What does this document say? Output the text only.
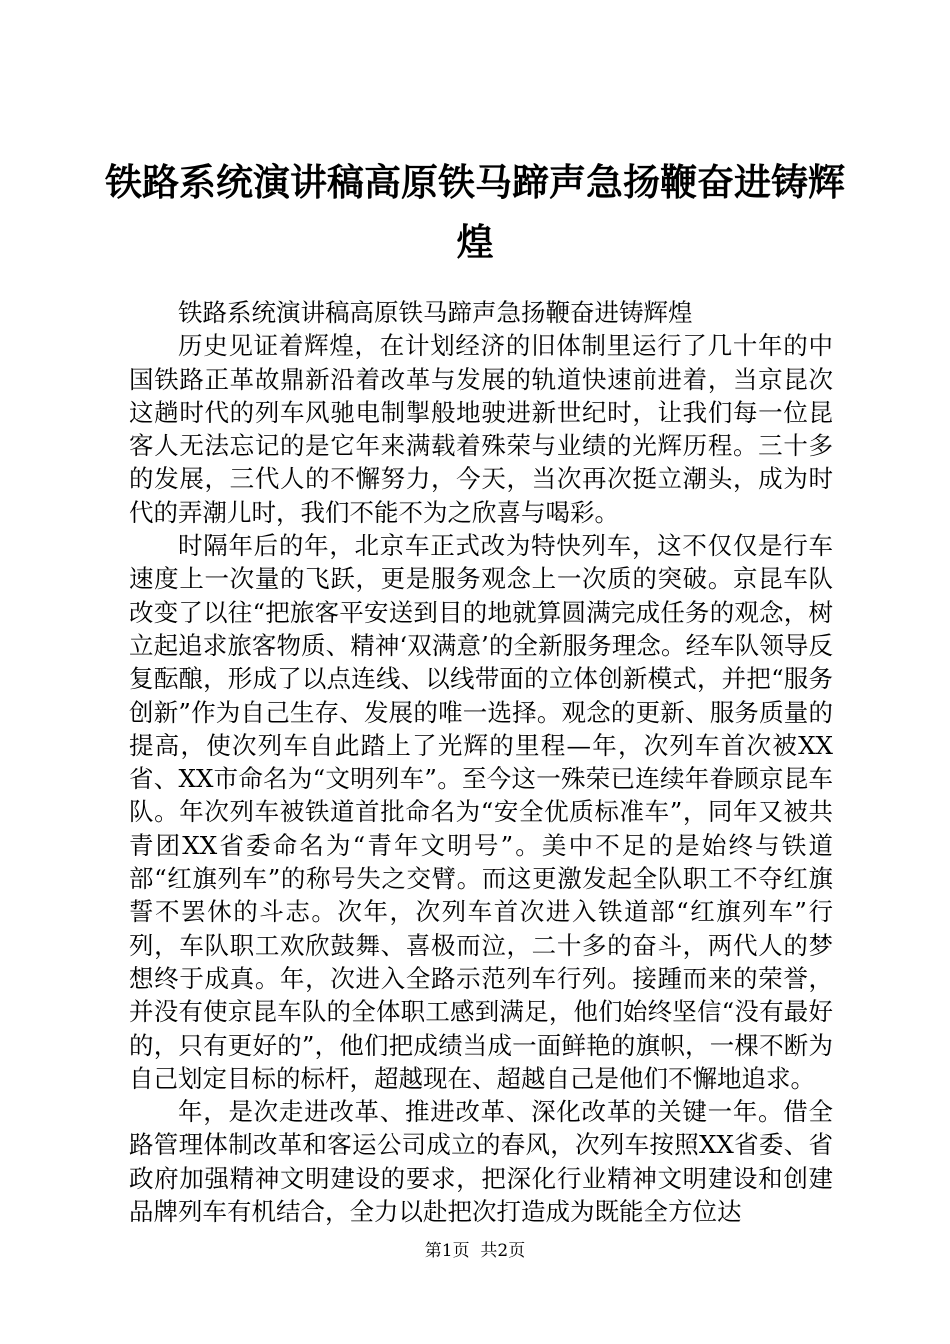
铁路系统演讲稿高原铁马蹄声急扬鞭奋进铸辉煌

铁路系统演讲稿高原铁马蹄声急扬鞭奋进铸辉煌

历史见证着辉煌，在计划经济的旧体制里运行了几十年的中国铁路正革故鼎新沿着改革与发展的轨道快速前进着，当京昆次这趟时代的列车风驰电制掣般地驶进新世纪时，让我们每一位昆客人无法忘记的是它年来满载着殊荣与业绩的光辉历程。三十多的发展，三代人的不懈努力，今天，当次再次挺立潮头，成为时代的弄潮儿时，我们不能不为之欣喜与喝彩。

时隔年后的年，北京车正式改为特快列车，这不仅仅是行车速度上一次量的飞跃，更是服务观念上一次质的突破。京昆车队改变了以往“把旅客平安送到目的地就算圆满完成任务的观念，树立起追求旅客物质、精神‘双满意’的全新服务理念。经车队领导反复酝酿，形成了以点连线、以线带面的立体创新模式，并把“服务创新”作为自己生存、发展的唯一选择。观念的更新、服务质量的提高，使次列车自此踏上了光辉的里程—年，次列车首次被XX省、XX市命名为“文明列车”。至今这一殊荣已连续年眷顾京昆车队。年次列车被铁道首批命名为“安全优质标准车”，同年又被共青团XX省委命名为“青年文明号”。美中不足的是始终与铁道部“红旗列车”的称号失之交臂。而这更激发起全队职工不夺红旗誓不罢休的斗志。次年，次列车首次进入铁道部“红旗列车”行列，车队职工欢欣鼓舞、喜极而泣，二十多的奋斗，两代人的梦想终于成真。年，次进入全路示范列车行列。接踵而来的荣誉，并没有使京昆车队的全体职工感到满足，他们始终坚信“没有最好的，只有更好的”，他们把成绩当成一面鲜艳的旗帜，一棵不断为自己划定目标的标杆，超越现在、超越自己是他们不懈地追求。

年，是次走进改革、推进改革、深化改革的关键一年。借全路管理体制改革和客运公司成立的春风，次列车按照XX省委、省政府加强精神文明建设的要求，把深化行业精神文明建设和创建品牌列车有机结合，全力以赴把次打造成为既能全方位达

第1页 共2页
